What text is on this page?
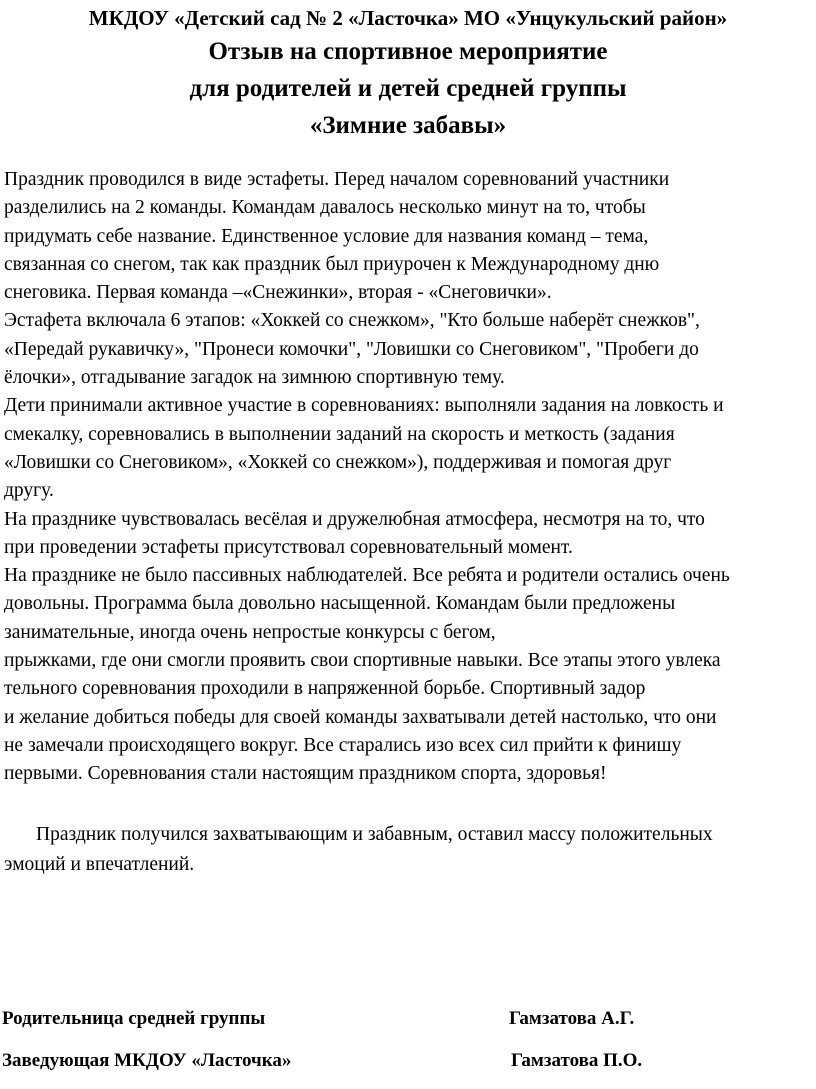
МКДОУ «Детский сад № 2 «Ласточка» МО «Унцукульский район»
Отзыв на спортивное мероприятие
для родителей и детей средней группы
«Зимние забавы»
Праздник проводился в виде эстафеты. Перед началом соревнований участники
разделились на 2 команды. Командам давалось несколько минут на то, чтобы
придумать себе название. Единственное условие для названия команд – тема,
связанная со снегом, так как праздник был приурочен к Международному дню
снеговика. Первая команда –«Снежинки», вторая - «Снеговички».
Эстафета включала 6 этапов: «Хоккей со снежком», "Кто больше наберёт снежков",
«Передай рукавичку», "Пронеси комочки", "Ловишки со Снеговиком", "Пробеги до
ёлочки», отгадывание загадок на зимнюю спортивную тему.
Дети принимали активное участие в соревнованиях: выполняли задания на ловкость и
смекалку, соревновались в выполнении заданий на скорость и меткость (задания
«Ловишки со Снеговиком», «Хоккей со снежком»), поддерживая и помогая друг
другу.
На празднике чувствовалась весёлая и дружелюбная атмосфера, несмотря на то, что
при проведении эстафеты присутствовал соревновательный момент.
На празднике не было пассивных наблюдателей. Все ребята и родители остались очень
довольны. Программа была довольно насыщенной. Командам были предложены
занимательные, иногда очень непростые конкурсы с бегом,
прыжками, где они смогли проявить свои спортивные навыки. Все этапы этого увлека
тельного соревнования проходили в напряженной борьбе. Спортивный задор
и желание добиться победы для своей команды захватывали детей настолько, что они
не замечали происходящего вокруг. Все старались изо всех сил прийти к финишу
первыми. Соревнования стали настоящим праздником спорта, здоровья!
Праздник получился захватывающим и забавным, оставил массу положительных
эмоций и впечатлений.
Родительница средней группы	Гамзатова А.Г.
Заведующая МКДОУ «Ласточка»	Гамзатова П.О.
